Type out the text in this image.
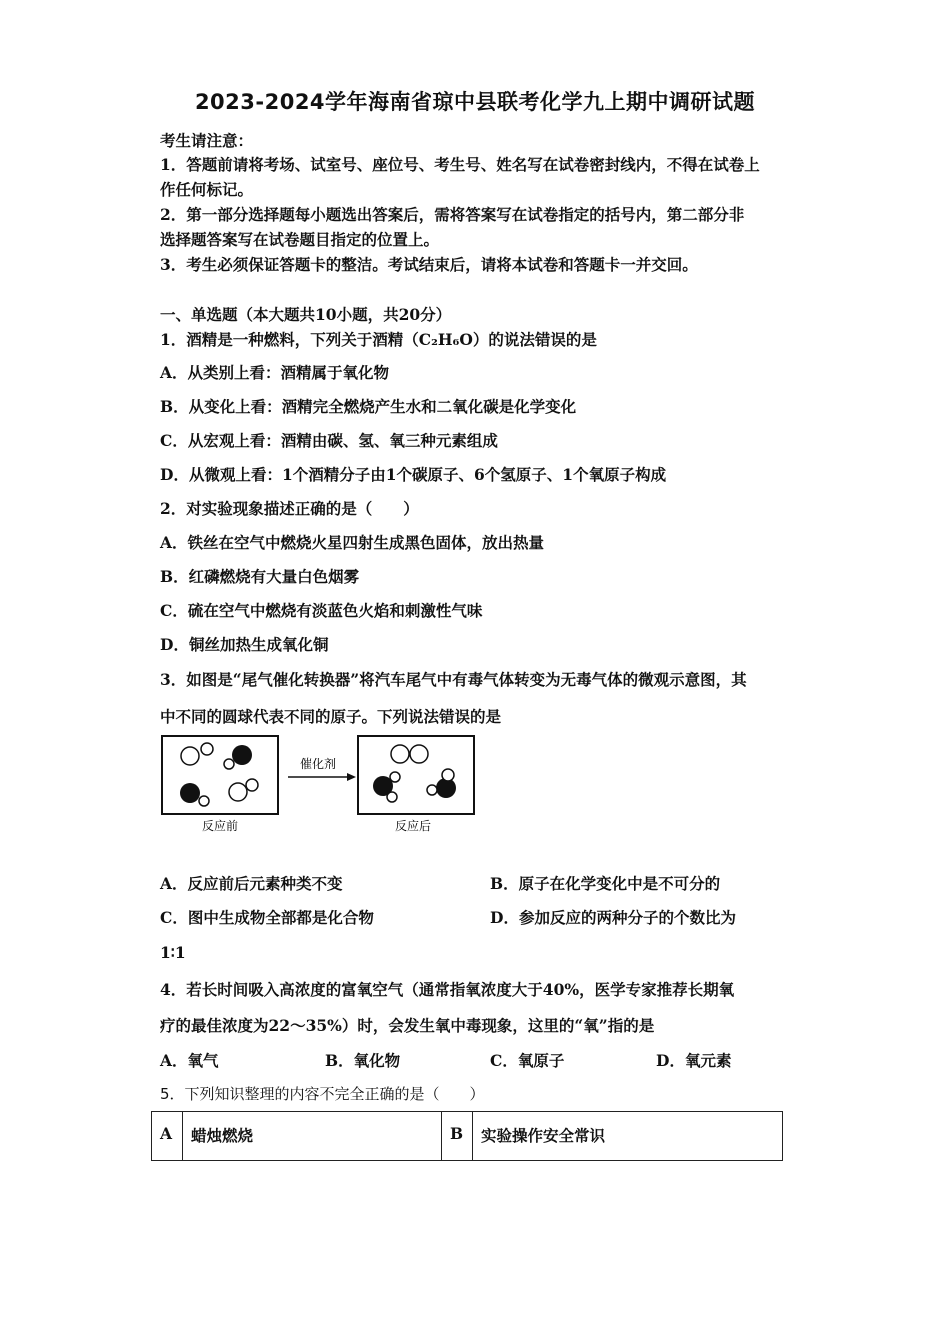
2023-2024学年海南省琼中县联考化学九上期中调研试题
考生请注意：
1．答题前请将考场、试室号、座位号、考生号、姓名写在试卷密封线内，不得在试卷上
作任何标记。
2．第一部分选择题每小题选出答案后，需将答案写在试卷指定的括号内，第二部分非
选择题答案写在试卷题目指定的位置上。
3．考生必须保证答题卡的整洁。考试结束后，请将本试卷和答题卡一并交回。
一、单选题（本大题共10小题，共20分）
1．酒精是一种燃料，下列关于酒精（C₂H₆O）的说法错误的是
A．从类别上看：酒精属于氧化物
B．从变化上看：酒精完全燃烧产生水和二氧化碳是化学变化
C．从宏观上看：酒精由碳、氢、氧三种元素组成
D．从微观上看：1个酒精分子由1个碳原子、6个氢原子、1个氧原子构成
2．对实验现象描述正确的是（　　）
A．铁丝在空气中燃烧火星四射生成黑色固体，放出热量
B．红磷燃烧有大量白色烟雾
C．硫在空气中燃烧有淡蓝色火焰和刺激性气味
D．铜丝加热生成氧化铜
3．如图是“尾气催化转换器”将汽车尾气中有毒气体转变为无毒气体的微观示意图，其
中不同的圆球代表不同的原子。下列说法错误的是
催化剂
反应前	反应后
A．反应前后元素种类不变	B．原子在化学变化中是不可分的
C．图中生成物全部都是化合物	D．参加反应的两种分子的个数比为
1∶1
4．若长时间吸入高浓度的富氧空气（通常指氧浓度大于40%，医学专家推荐长期氧
疗的最佳浓度为22～35%）时，会发生氧中毒现象，这里的“氧”指的是
A．氧气	B．氧化物	C．氧原子	D．氧元素
5．下列知识整理的内容不完全正确的是（　　）
A	蜡烛燃烧	B	实验操作安全常识
